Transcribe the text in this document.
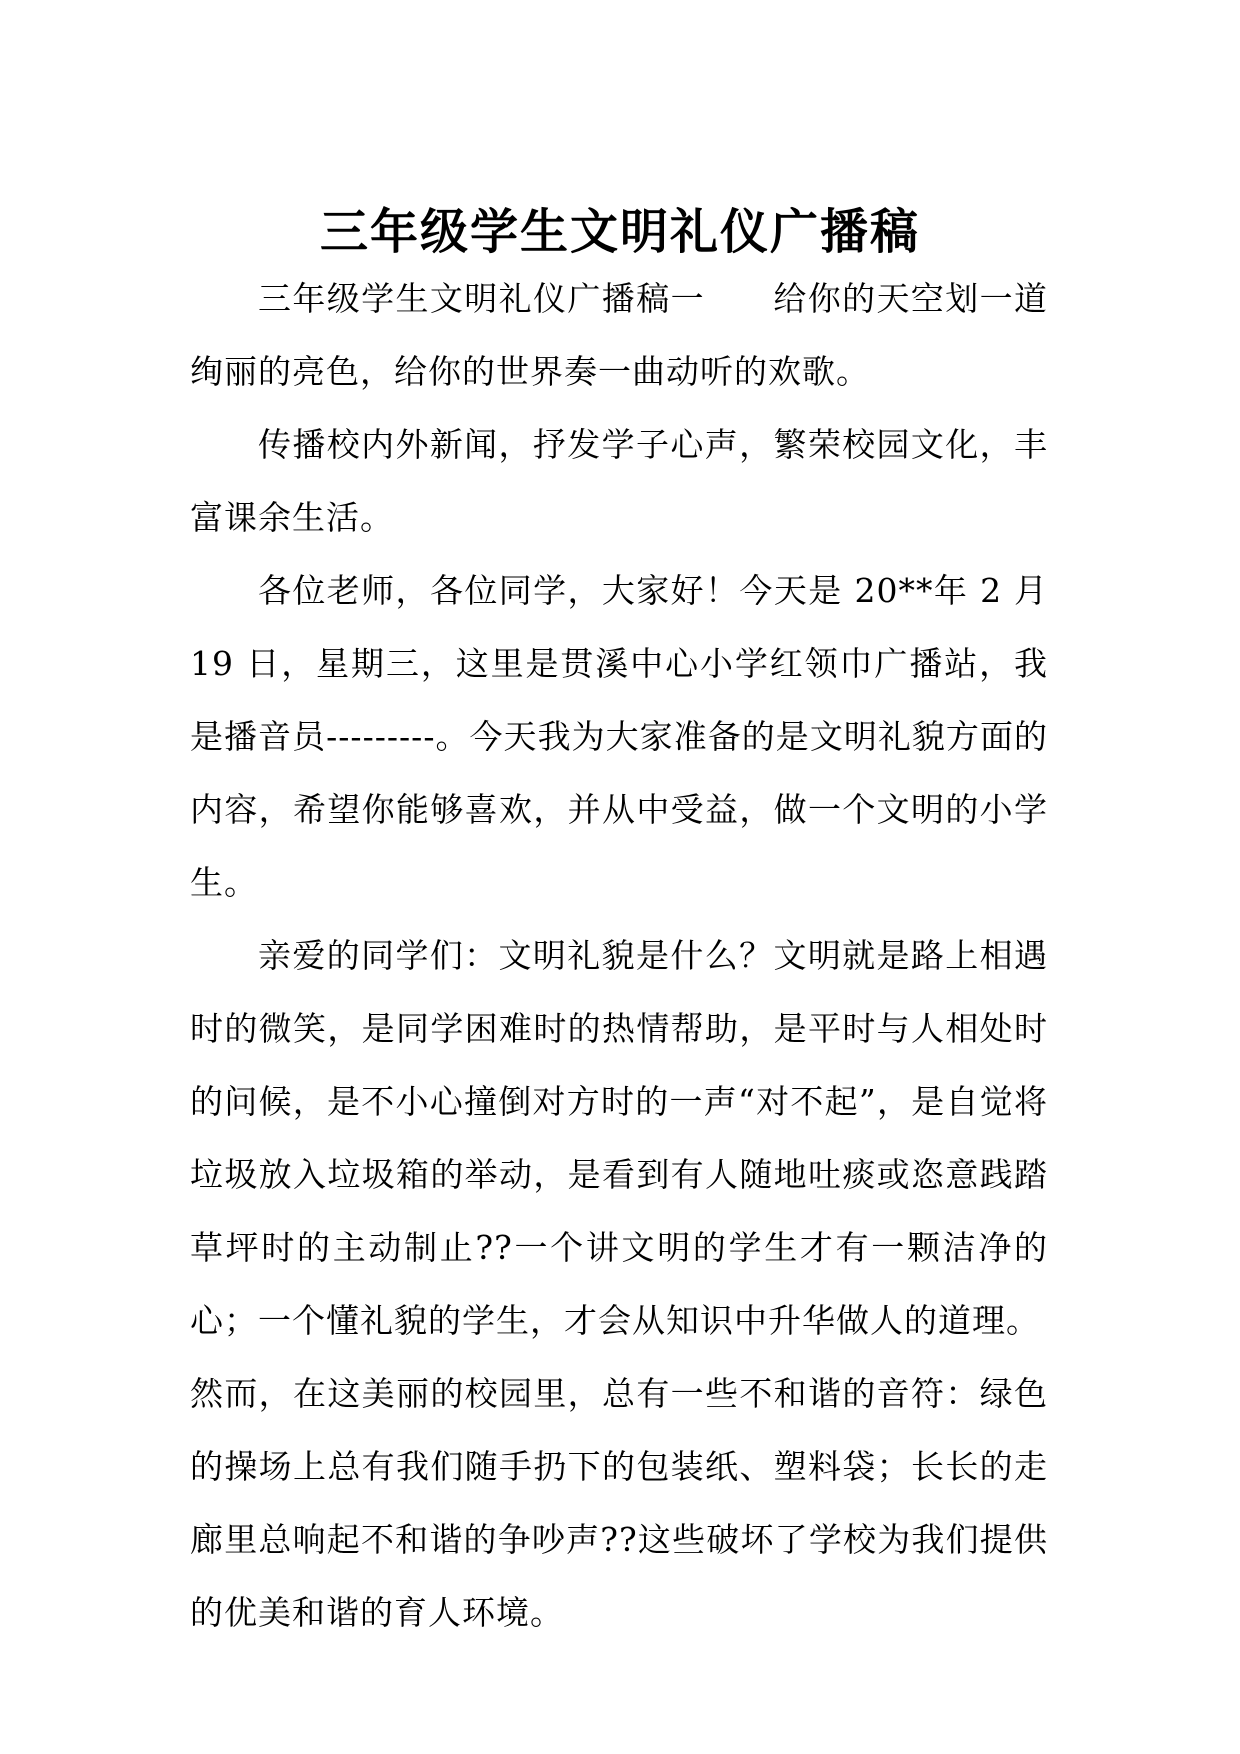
三年级学生文明礼仪广播稿

三年级学生文明礼仪广播稿一 给你的天空划一道绚丽的亮色，给你的世界奏一曲动听的欢歌。

传播校内外新闻，抒发学子心声，繁荣校园文化，丰富课余生活。

各位老师，各位同学，大家好！今天是 20**年 2 月 19 日，星期三，这里是贯溪中心小学红领巾广播站，我是播音员---------。今天我为大家准备的是文明礼貌方面的内容，希望你能够喜欢，并从中受益，做一个文明的小学生。

亲爱的同学们：文明礼貌是什么？文明就是路上相遇时的微笑，是同学困难时的热情帮助，是平时与人相处时的问候，是不小心撞倒对方时的一声“对不起”，是自觉将垃圾放入垃圾箱的举动，是看到有人随地吐痰或恣意践踏草坪时的主动制止??一个讲文明的学生才有一颗洁净的心；一个懂礼貌的学生，才会从知识中升华做人的道理。

然而，在这美丽的校园里，总有一些不和谐的音符：绿色的操场上总有我们随手扔下的包装纸、塑料袋；长长的走廊里总响起不和谐的争吵声??这些破坏了学校为我们提供的优美和谐的育人环境。
